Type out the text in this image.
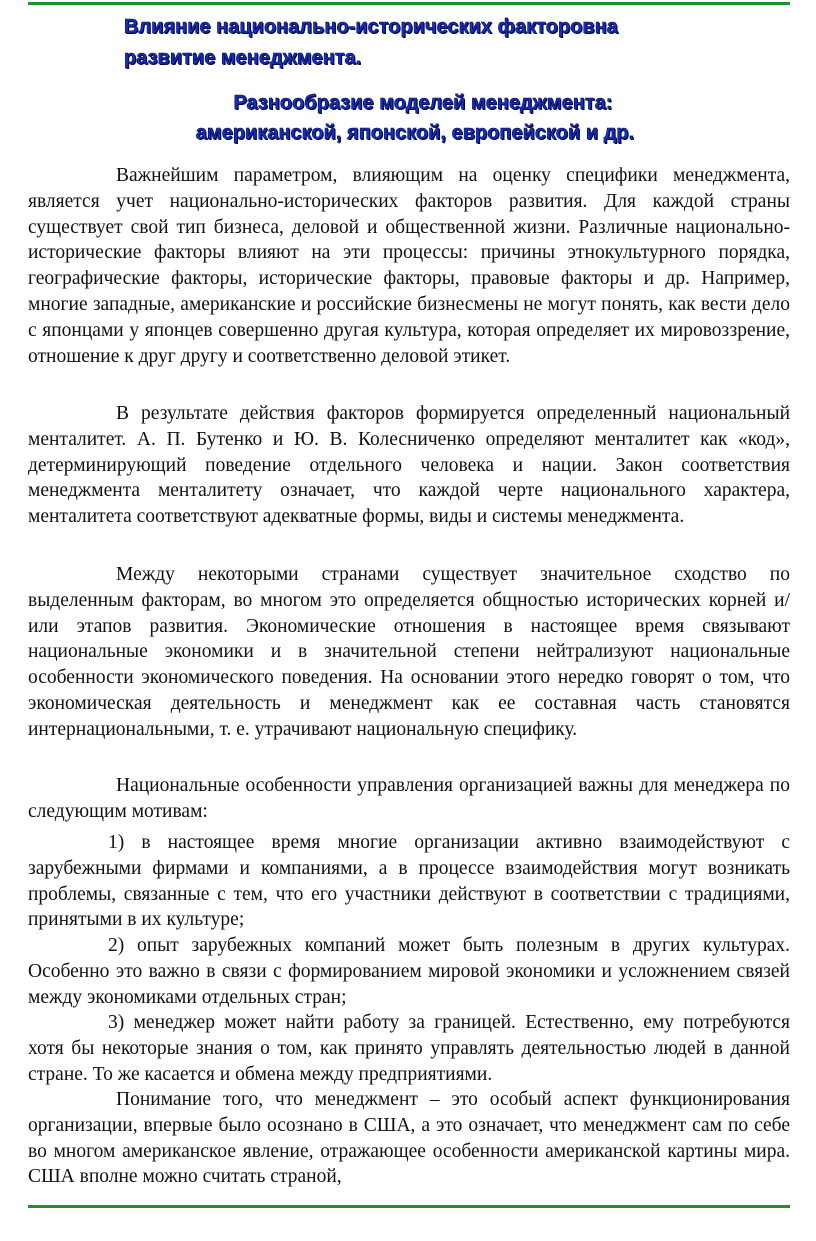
Влияние национально-исторических факторовна
развитие менеджмента.
Разнообразие моделей менеджмента:
американской, японской, европейской и др.

Важнейшим параметром, влияющим на оценку специфики менеджмента, является учет национально-исторических факторов развития. Для каждой страны существует свой тип бизнеса, деловой и общественной жизни. Различные национально-исторические факторы влияют на эти процессы: причины этнокультурного порядка, географические факторы, исторические факторы, правовые факторы и др. Например, многие западные, американские и российские бизнесмены не могут понять, как вести дело с японцами у японцев совершенно другая культура, которая определяет их мировоззрение, отношение к друг другу и соответственно деловой этикет.

В результате действия факторов формируется определенный национальный менталитет. А. П. Бутенко и Ю. В. Колесниченко определяют менталитет как «код», детерминирующий поведение отдельного человека и нации. Закон соответствия менеджмента менталитету означает, что каждой черте национального характера, менталитета соответствуют адекватные формы, виды и системы менеджмента.

Между некоторыми странами существует значительное сходство по выделенным факторам, во многом это определяется общностью исторических корней и/или этапов развития. Экономические отношения в настоящее время связывают национальные экономики и в значительной степени нейтрализуют национальные особенности экономического поведения. На основании этого нередко говорят о том, что экономическая деятельность и менеджмент как ее составная часть становятся интернациональными, т. е. утрачивают национальную специфику.

Национальные особенности управления организацией важны для менеджера по следующим мотивам:

1) в настоящее время многие организации активно взаимодействуют с зарубежными фирмами и компаниями, а в процессе взаимодействия могут возникать проблемы, связанные с тем, что его участники действуют в соответствии с традициями, принятыми в их культуре;

2) опыт зарубежных компаний может быть полезным в других культурах. Особенно это важно в связи с формированием мировой экономики и усложнением связей между экономиками отдельных стран;

3) менеджер может найти работу за границей. Естественно, ему потребуются хотя бы некоторые знания о том, как принято управлять деятельностью людей в данной стране. То же касается и обмена между предприятиями.

Понимание того, что менеджмент – это особый аспект функционирования организации, впервые было осознано в США, а это означает, что менеджмент сам по себе во многом американское явление, отражающее особенности американской картины мира. США вполне можно считать страной,
